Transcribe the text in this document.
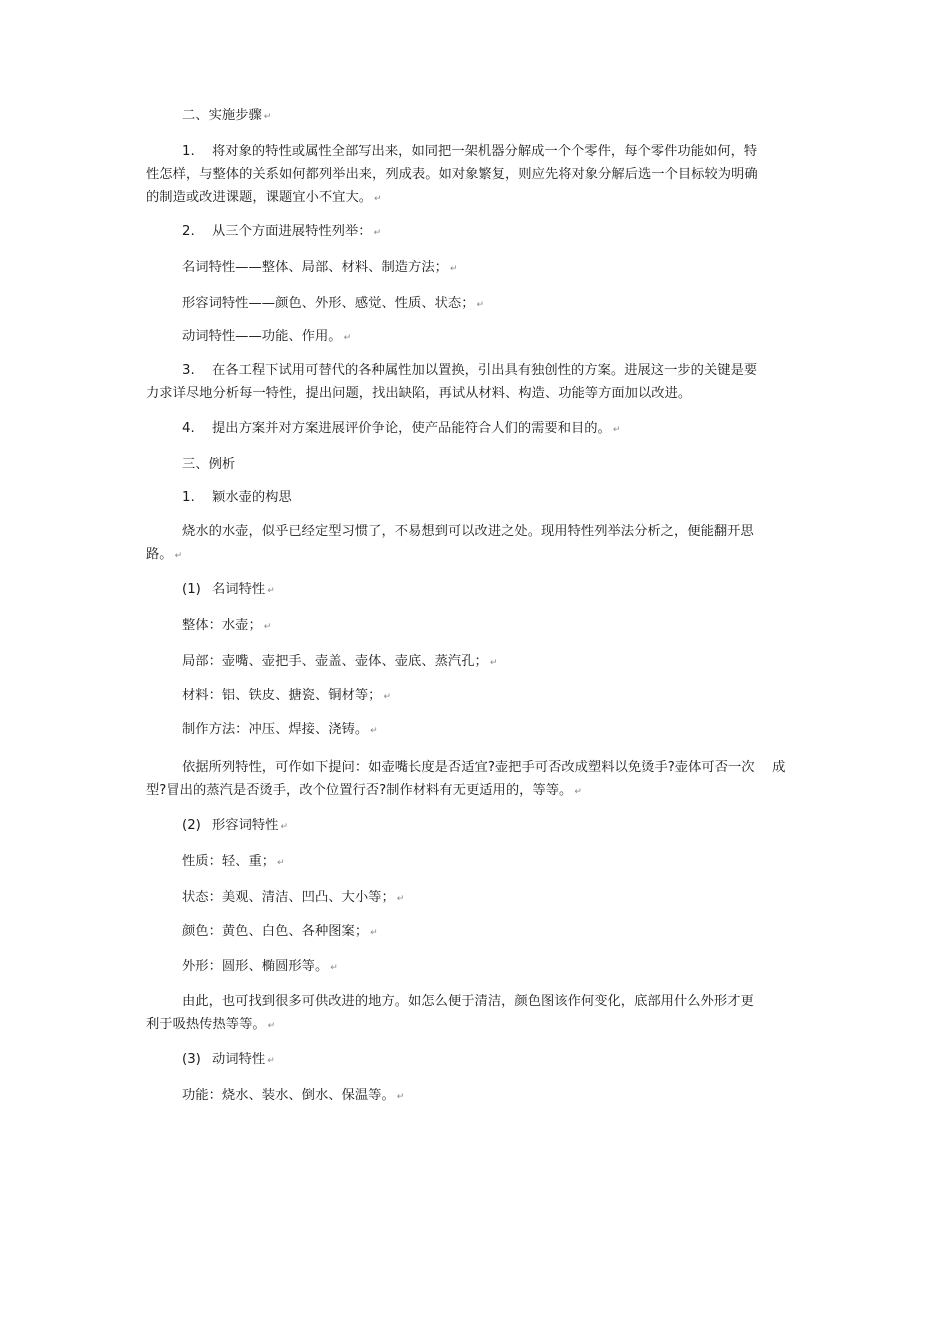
二、实施步骤 ↵
1. 将对象的特性或属性全部写出来，如同把一架机器分解成一个个零件，每个零件功能如何，特
性怎样，与整体的关系如何都列举出来，列成表。如对象繁复，则应先将对象分解后选一个目标较为明确
的制造或改进课题，课题宜小不宜大。 ↵
2. 从三个方面进展特性列举： ↵
名词特性——整体、局部、材料、制造方法； ↵
形容词特性——颜色、外形、感觉、性质、状态； ↵
动词特性——功能、作用。 ↵
3. 在各工程下试用可替代的各种属性加以置换，引出具有独创性的方案。进展这一步的关键是要
力求详尽地分析每一特性，提出问题，找出缺陷，再试从材料、构造、功能等方面加以改进。
4. 提出方案并对方案进展评价争论，使产品能符合人们的需要和目的。 ↵
三、例析
1. 颖水壶的构思
烧水的水壶，似乎已经定型习惯了，不易想到可以改进之处。现用特性列举法分析之，便能翻开思
路。 ↵
(1) 名词特性 ↵
整体：水壶； ↵
局部：壶嘴、壶把手、壶盖、壶体、壶底、蒸汽孔； ↵
材料：铝、铁皮、搪瓷、铜材等； ↵
制作方法：冲压、焊接、浇铸。 ↵
依据所列特性，可作如下提问：如壶嘴长度是否适宜?壶把手可否改成塑料以免烫手?壶体可否一次　 成
型?冒出的蒸汽是否烫手，改个位置行否?制作材料有无更适用的，等等。 ↵
(2) 形容词特性 ↵
性质：轻、重； ↵
状态：美观、清洁、凹凸、大小等； ↵
颜色：黄色、白色、各种图案； ↵
外形：圆形、椭圆形等。 ↵
由此，也可找到很多可供改进的地方。如怎么便于清洁，颜色图该作何变化，底部用什么外形才更
利于吸热传热等等。 ↵
(3) 动词特性 ↵
功能：烧水、装水、倒水、保温等。 ↵
